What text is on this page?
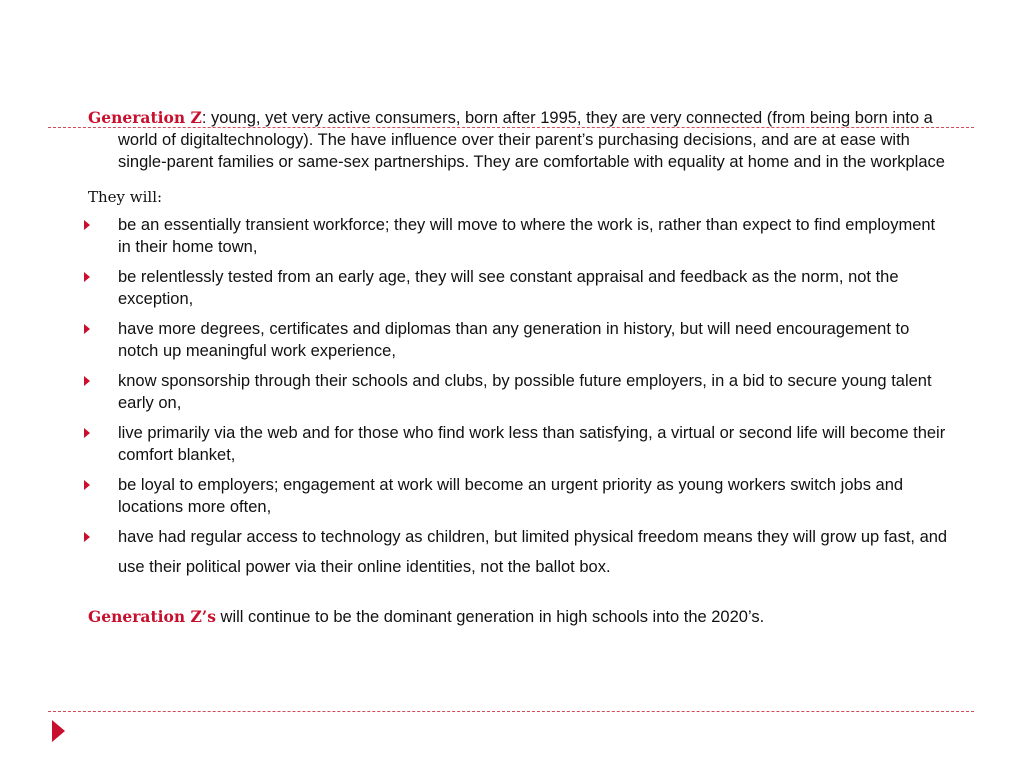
Generation Z: young, yet very active consumers, born after 1995, they are very connected (from being born into a world of digitaltechnology). The have influence over their parent’s purchasing decisions, and are at ease with single-parent families or same-sex partnerships. They are comfortable with equality at home and in the workplace

They will:
be an essentially transient workforce; they will move to where the work is, rather than expect to find employment in their home town,
be relentlessly tested from an early age, they will see constant appraisal and feedback as the norm, not the exception,
have more degrees, certificates and diplomas than any generation in history, but will need encouragement to notch up meaningful work experience,
know sponsorship through their schools and clubs, by possible future employers, in a bid to secure young talent early on,
live primarily via the web and for those who find work less than satisfying, a virtual or second life will become their comfort blanket,
be loyal to employers; engagement at work will become an urgent priority as young workers switch jobs and locations more often,
have had regular access to technology as children, but limited physical freedom means they will grow up fast, and
use their political power via their online identities, not the ballot box.

Generation Z’s will continue to be the dominant generation in high schools into the 2020’s.
